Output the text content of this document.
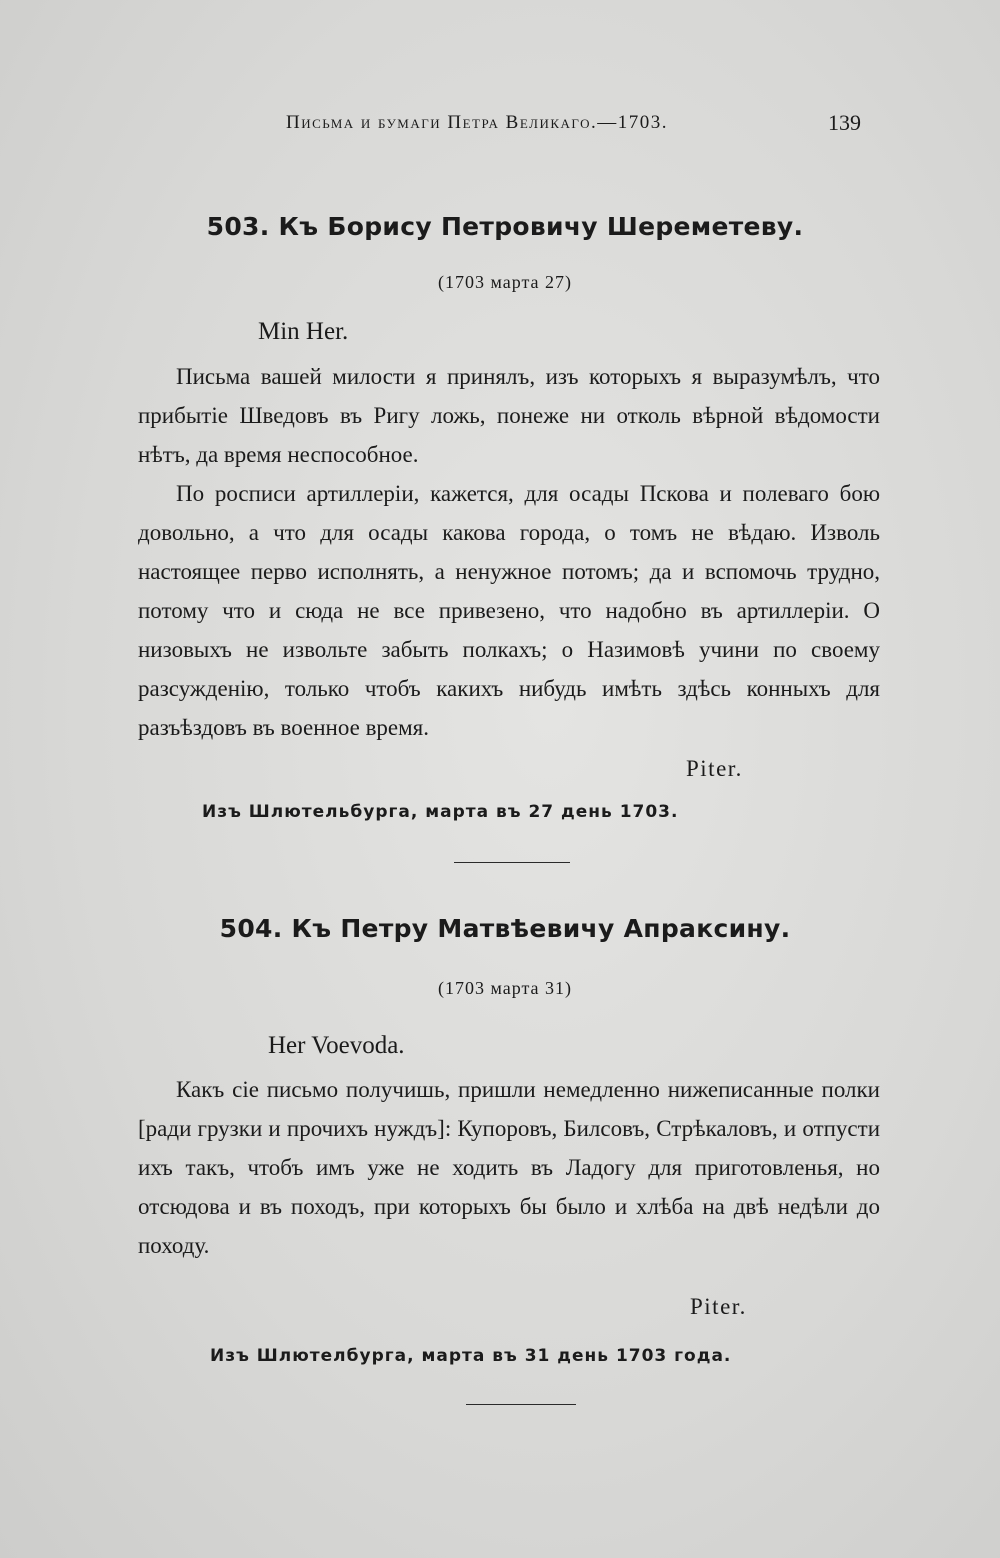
Письма и бумаги Петра Великаго.—1703.	139
503. Къ Борису Петровичу Шереметеву.
(1703 марта 27)
Min Her.
Письма вашей милости я принялъ, изъ которыхъ я выразумѣлъ, что прибытіе Шведовъ въ Ригу ложь, понеже ни отколь вѣрной вѣдомости нѣтъ, да время неспособное.
По росписи артиллеріи, кажется, для осады Пскова и полеваго бою довольно, а что для осады какова города, о томъ не вѣдаю. Изволь настоящее перво исполнять, а ненужное потомъ; да и вспомочь трудно, потому что и сюда не все привезено, что надобно въ артиллеріи. О низовыхъ не извольте забыть полкахъ; о Назимовѣ учини по своему разсужденію, только чтобъ какихъ нибудь имѣть здѣсь конныхъ для разъѣздовъ въ военное время.
Piter.
Изъ Шлютельбурга, марта въ 27 день 1703.
504. Къ Петру Матвѣевичу Апраксину.
(1703 марта 31)
Her Voevoda.
Какъ сіе письмо получишь, пришли немедленно нижеписанные полки [ради грузки и прочихъ нуждъ]: Купоровъ, Билсовъ, Стрѣкаловъ, и отпусти ихъ такъ, чтобъ имъ уже не ходить въ Ладогу для приготовленья, но отсюдова и въ походъ, при которыхъ бы было и хлѣба на двѣ недѣли до походу.
Piter.
Изъ Шлютелбурга, марта въ 31 день 1703 года.
